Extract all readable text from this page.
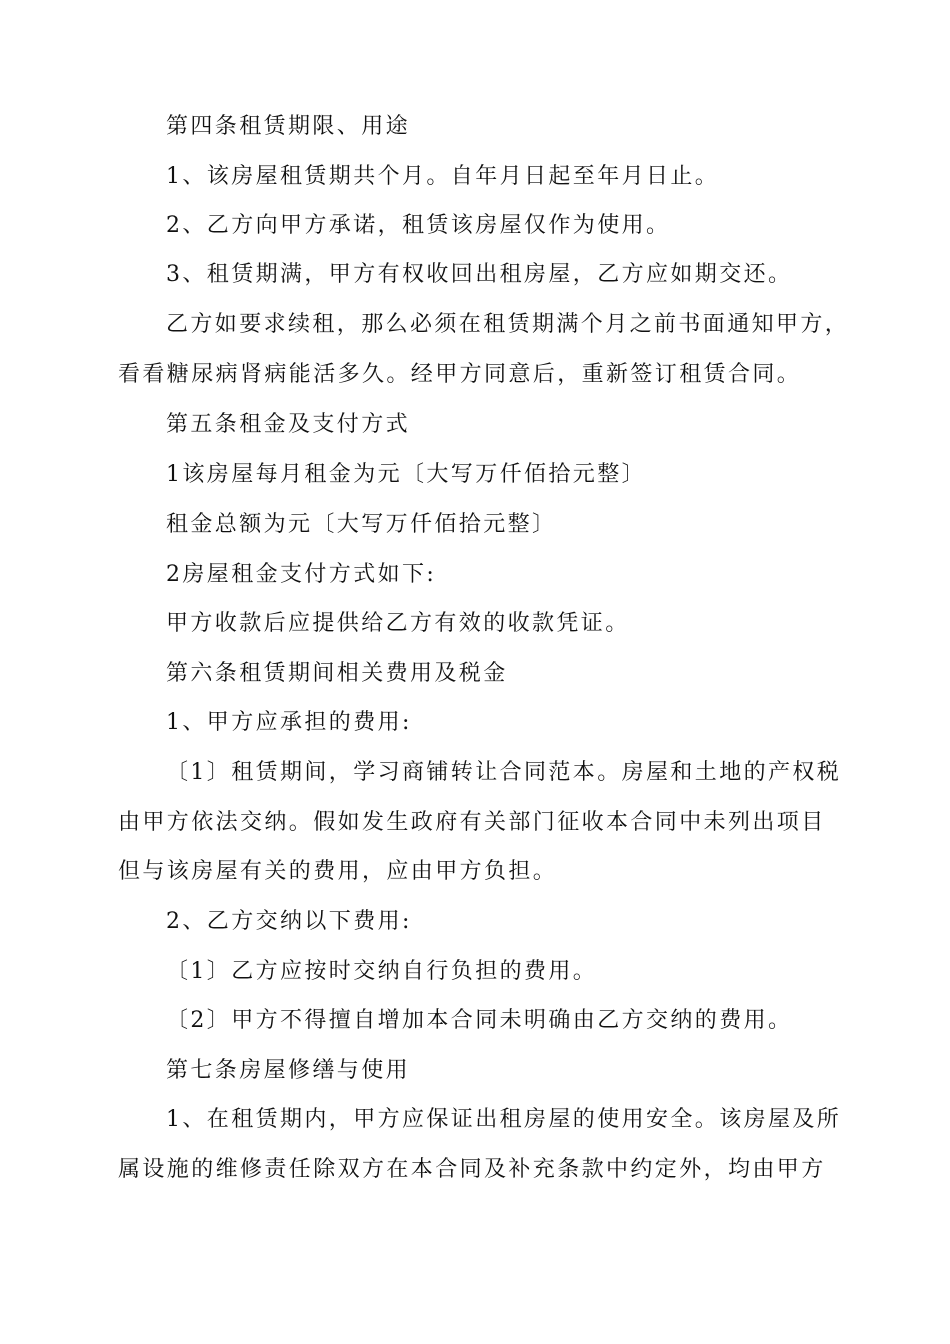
第四条租赁期限、用途
1、该房屋租赁期共个月。自年月日起至年月日止。
2、乙方向甲方承诺，租赁该房屋仅作为使用。
3、租赁期满，甲方有权收回出租房屋，乙方应如期交还。
乙方如要求续租，那么必须在租赁期满个月之前书面通知甲方，
看看糖尿病肾病能活多久。经甲方同意后，重新签订租赁合同。
第五条租金及支付方式
1该房屋每月租金为元〔大写万仟佰拾元整〕
租金总额为元〔大写万仟佰拾元整〕
2房屋租金支付方式如下:
甲方收款后应提供给乙方有效的收款凭证。
第六条租赁期间相关费用及税金
1、甲方应承担的费用:
〔1〕租赁期间，学习商铺转让合同范本。房屋和土地的产权税
由甲方依法交纳。假如发生政府有关部门征收本合同中未列出项目
但与该房屋有关的费用，应由甲方负担。
2、乙方交纳以下费用:
〔1〕乙方应按时交纳自行负担的费用。
〔2〕甲方不得擅自增加本合同未明确由乙方交纳的费用。
第七条房屋修缮与使用
1、在租赁期内，甲方应保证出租房屋的使用安全。该房屋及所
属设施的维修责任除双方在本合同及补充条款中约定外，均由甲方
